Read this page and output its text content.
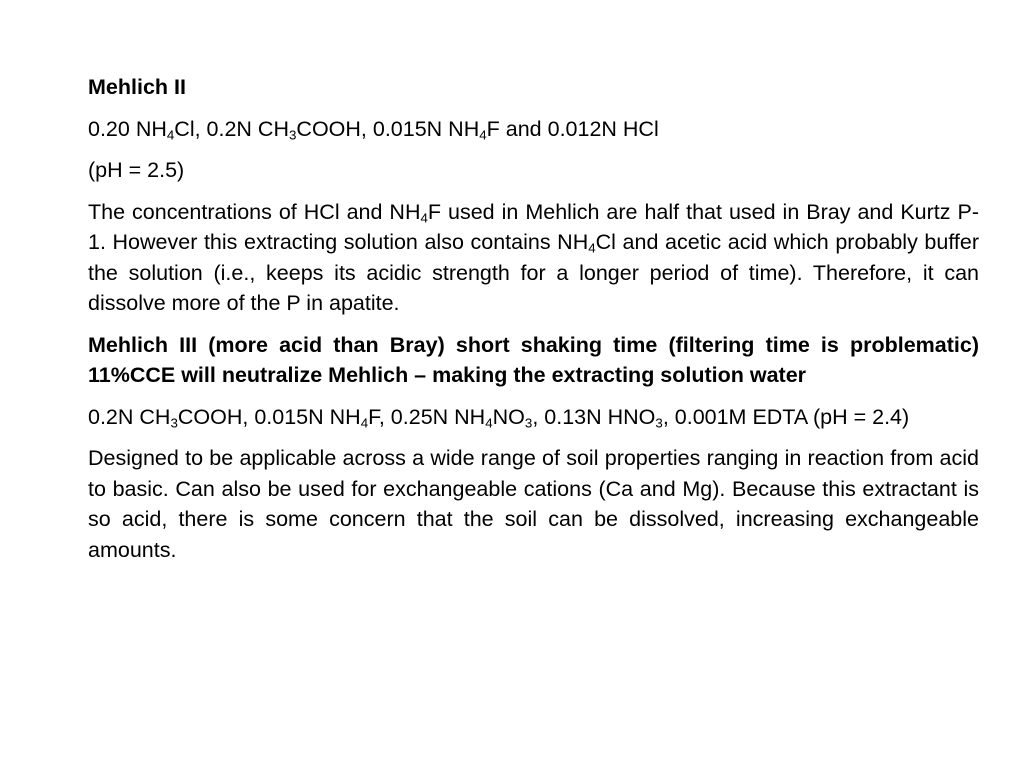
Mehlich II

0.20 $NH_4Cl$, 0.2N $CH_3COOH$, 0.015N $NH_4F$ and 0.012N HCl

(pH = 2.5)

The concentrations of HCl and $NH_4F$ used in Mehlich are half that used in Bray and Kurtz P-1. However this extracting solution also contains $NH_4Cl$ and acetic acid which probably buffer the solution (i.e., keeps its acidic strength for a longer period of time). Therefore, it can dissolve more of the P in apatite.

Mehlich III (more acid than Bray) short shaking time (filtering time is problematic) 11%CCE will neutralize Mehlich – making the extracting solution water

0.2N $CH_3COOH$, 0.015N $NH_4F$, 0.25N $NH_4NO_3$, 0.13N $HNO_3$, 0.001M EDTA (pH = 2.4)

Designed to be applicable across a wide range of soil properties ranging in reaction from acid to basic. Can also be used for exchangeable cations (Ca and Mg). Because this extractant is so acid, there is some concern that the soil can be dissolved, increasing exchangeable amounts.
